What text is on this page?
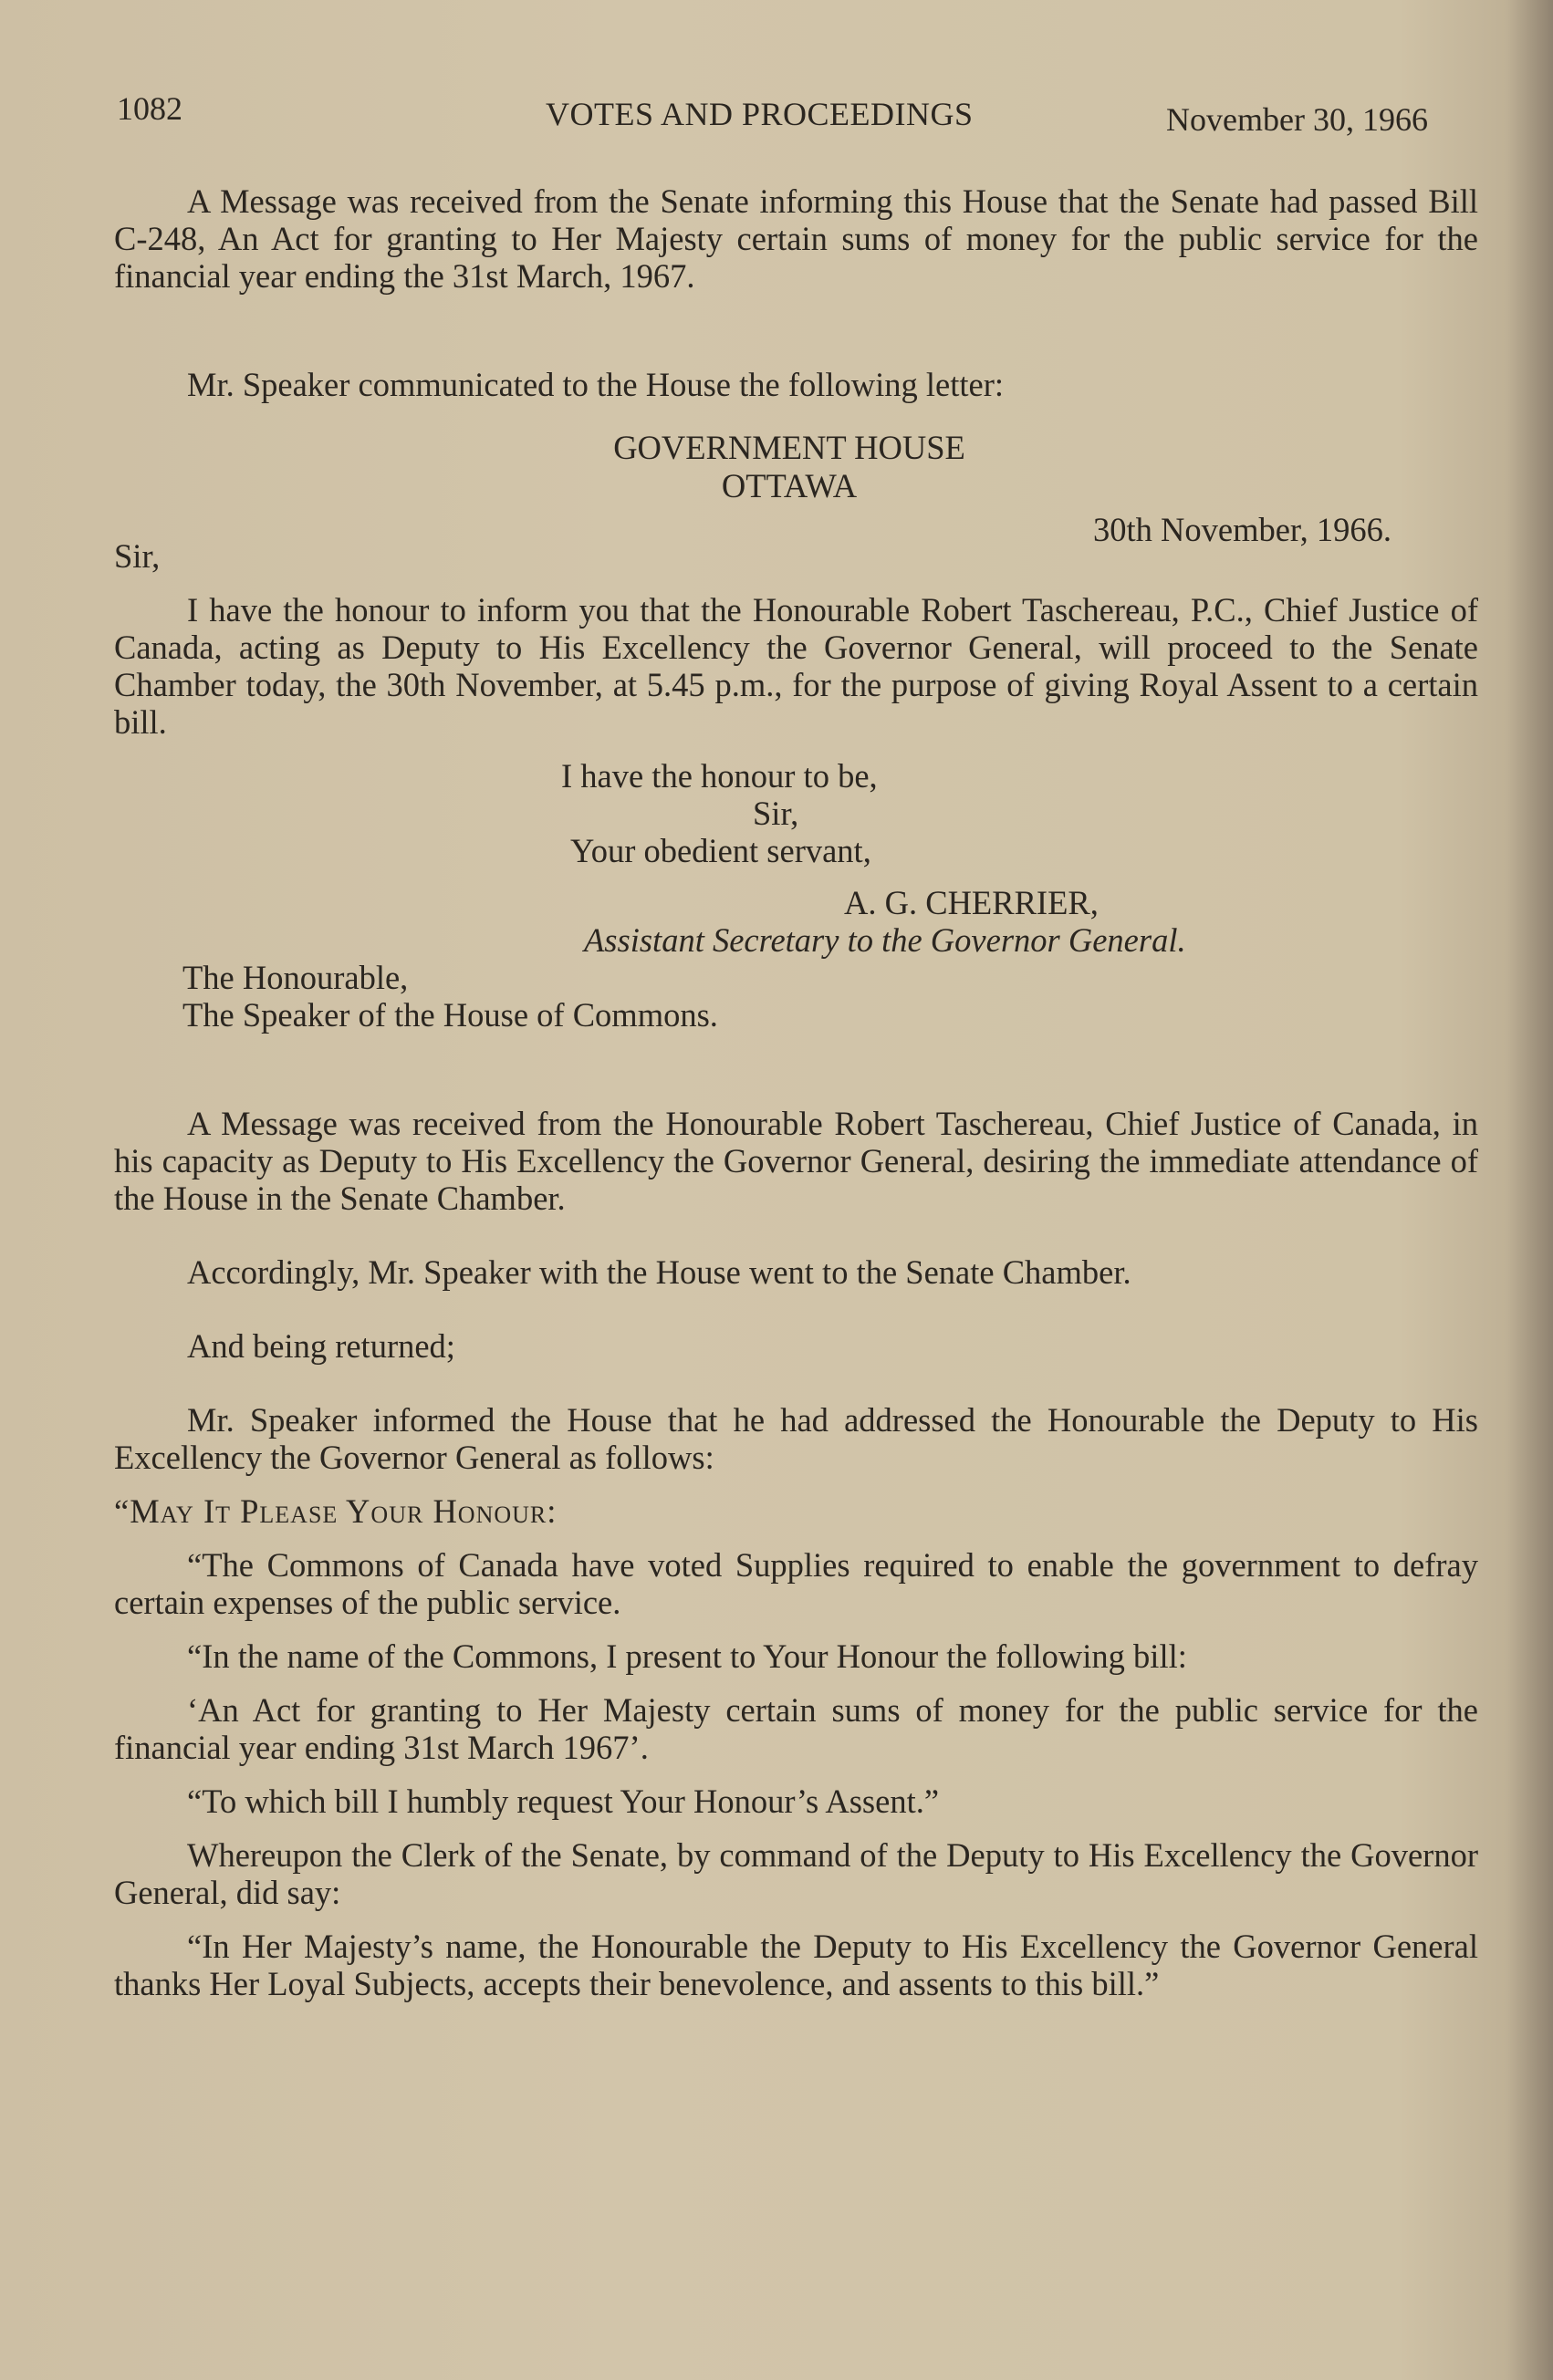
1082	VOTES AND PROCEEDINGS	November 30, 1966

A Message was received from the Senate informing this House that the Senate had passed Bill C-248, An Act for granting to Her Majesty certain sums of money for the public service for the financial year ending the 31st March, 1967.

Mr. Speaker communicated to the House the following letter:

GOVERNMENT HOUSE
OTTAWA
30th November, 1966.
Sir,

I have the honour to inform you that the Honourable Robert Taschereau, P.C., Chief Justice of Canada, acting as Deputy to His Excellency the Governor General, will proceed to the Senate Chamber today, the 30th November, at 5.45 p.m., for the purpose of giving Royal Assent to a certain bill.

I have the honour to be,
Sir,
Your obedient servant,
A. G. CHERRIER,
Assistant Secretary to the Governor General.
The Honourable,
The Speaker of the House of Commons.

A Message was received from the Honourable Robert Taschereau, Chief Justice of Canada, in his capacity as Deputy to His Excellency the Governor General, desiring the immediate attendance of the House in the Senate Chamber.

Accordingly, Mr. Speaker with the House went to the Senate Chamber.

And being returned;

Mr. Speaker informed the House that he had addressed the Honourable the Deputy to His Excellency the Governor General as follows:

“May It Please Your Honour:

“The Commons of Canada have voted Supplies required to enable the government to defray certain expenses of the public service.

“In the name of the Commons, I present to Your Honour the following bill:

‘An Act for granting to Her Majesty certain sums of money for the public service for the financial year ending 31st March 1967’.

“To which bill I humbly request Your Honour’s Assent.”

Whereupon the Clerk of the Senate, by command of the Deputy to His Excellency the Governor General, did say:

“In Her Majesty’s name, the Honourable the Deputy to His Excellency the Governor General thanks Her Loyal Subjects, accepts their benevolence, and assents to this bill.”
